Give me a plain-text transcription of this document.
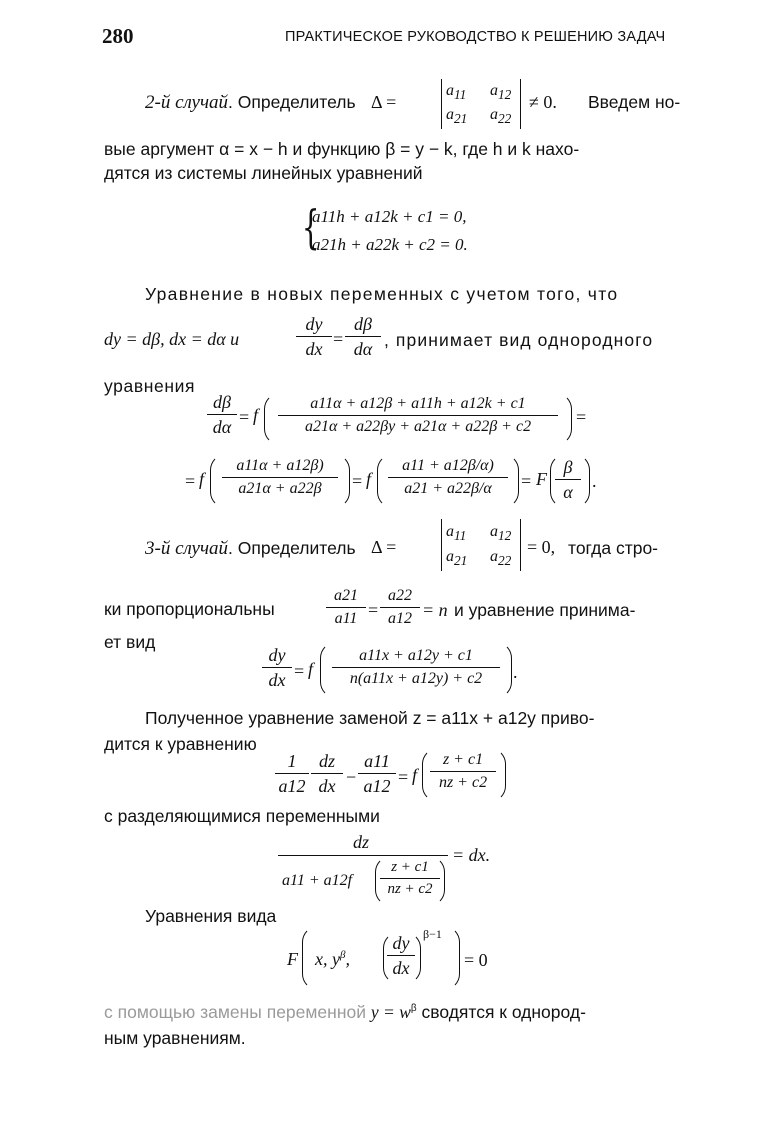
280	ПРАКТИЧЕСКОЕ РУКОВОДСТВО К РЕШЕНИЮ ЗАДАЧ
2-й случай. Определитель Δ =
$a_{11}$ $a_{12}$
$a_{21}$ $a_{22}$
≠ 0. Введем но-
вые аргумент α = x − h и функцию β = y − k, где h и k нахо-
дятся из системы линейных уравнений
{
a11h + a12k + c1 = 0,
a21h + a22k + c2 = 0.
Уравнение в новых переменных с учетом того, что
dy = dβ, dx = dα и	$\frac{dy}{dx} = \frac{d\beta}{d\alpha}$ , принимает вид однородного
уравнения
$\frac{d\beta}{d\alpha} = f \frac{a11\alpha + a12\beta + a11h + a12k + c1}{a21\alpha + a22\beta y + a21\alpha + a22\beta + c2}$ =
= f $\frac{a11\alpha + a12\beta)}{a21\alpha + a22\beta} = f \frac{a11 + a12\beta/\alpha)}{a21 + a22\beta/\alpha} = F \frac{\beta}{\alpha}$ .
3-й случай. Определитель Δ =
$a_{11}$ $a_{12}$
$a_{21}$ $a_{22}$
= 0, тогда стро-
ки пропорциональны	$\frac{a21}{a11} = \frac{a22}{a12} = n$ и уравнение принима-
ет вид
$\frac{dy}{dx} = f \frac{a11x + a12y + c1}{n(a11x + a12y) + c2}$ .
Полученное уравнение заменой z = a11x + a12y приво-
дится к уравнению
$\frac{1}{a12} \frac{dz}{dx} - \frac{a11}{a12} = f \frac{z + c1}{nz + c2}$
с разделяющимися переменными
dz
$a11 + a12f \frac{z + c1}{nz + c2}$
= dx.
Уравнения вида
F x, $y^\beta$, $\frac{dy}{dx} \beta-1$
= 0
с помощью замены переменной $y = w^\beta$ сводятся к однород-
ным уравнениям.
